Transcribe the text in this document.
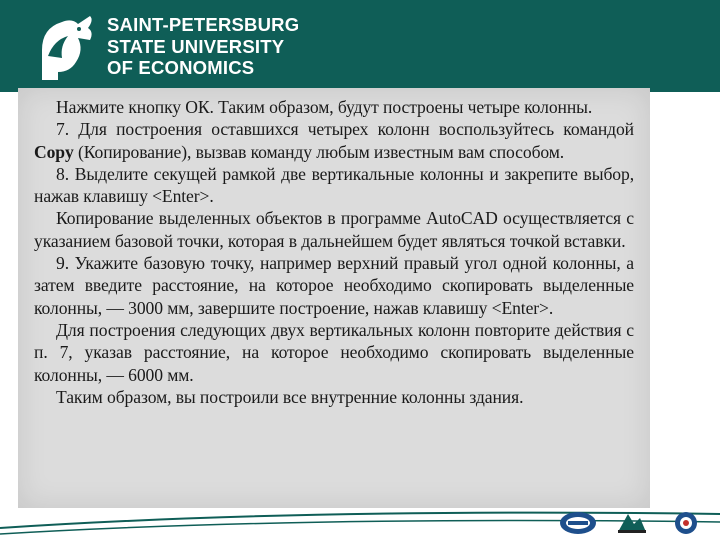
SAINT-PETERSBURG
STATE UNIVERSITY
OF ECONOMICS

Нажмите кнопку ОК. Таким образом, будут построены четыре колонны.

7. Для построения оставшихся четырех колонн воспользуйтесь командой Copy (Копирование), вызвав команду любым известным вам способом.

8. Выделите секущей рамкой две вертикальные колонны и закрепите выбор, нажав клавишу <Enter>.

Копирование выделенных объектов в программе AutoCAD осуществляется с указанием базовой точки, которая в дальнейшем будет являться точкой вставки.

9. Укажите базовую точку, например верхний правый угол одной колонны, а затем введите расстояние, на которое необходимо скопировать выделенные колонны, — 3000 мм, завершите построение, нажав клавишу <Enter>.

Для построения следующих двух вертикальных колонн повторите действия с п. 7, указав расстояние, на которое необходимо скопировать выделенные колонны, — 6000 мм.

Таким образом, вы построили все внутренние колонны здания.
